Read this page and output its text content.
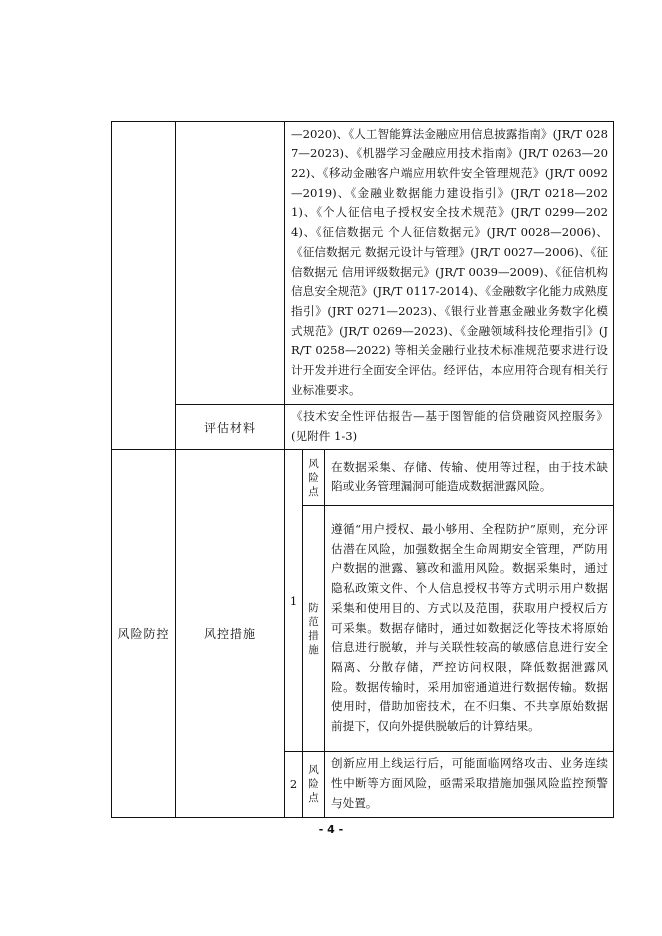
		—2020)、《人工智能算法金融应用信息披露指南》(JR/T 0287—2023)、《机器学习金融应用技术指南》(JR/T 0263—2022)、《移动金融客户端应用软件安全管理规范》(JR/T 0092—2019)、《金融业数据能力建设指引》(JR/T 0218—2021)、《个人征信电子授权安全技术规范》(JR/T 0299—2024)、《征信数据元 个人征信数据元》(JR/T 0028—2006)、《征信数据元 数据元设计与管理》(JR/T 0027—2006)、《征信数据元 信用评级数据元》(JR/T 0039—2009)、《征信机构信息安全规范》(JR/T 0117-2014)、《金融数字化能力成熟度指引》(JRT 0271—2023)、《银行业普惠金融业务数字化模式规范》(JR/T 0269—2023)、《金融领域科技伦理指引》(JR/T 0258—2022) 等相关金融行业技术标准规范要求进行设计开发并进行全面安全评估。经评估，本应用符合现有相关行业标准要求。		

	评估材料	《技术安全性评估报告—基于图智能的信贷融资风控服务》(见附件 1-3)		

风险防控	风控措施	1	风险点	在数据采集、存储、传输、使用等过程，由于技术缺陷或业务管理漏洞可能造成数据泄露风险。

			防范措施	遵循“用户授权、最小够用、全程防护”原则，充分评估潜在风险，加强数据全生命周期安全管理，严防用户数据的泄露、篡改和滥用风险。数据采集时，通过隐私政策文件、个人信息授权书等方式明示用户数据采集和使用目的、方式以及范围，获取用户授权后方可采集。数据存储时，通过如数据泛化等技术将原始信息进行脱敏，并与关联性较高的敏感信息进行安全隔离、分散存储，严控访问权限，降低数据泄露风险。数据传输时，采用加密通道进行数据传输。数据使用时，借助加密技术，在不归集、不共享原始数据前提下，仅向外提供脱敏后的计算结果。

		2	风险点	创新应用上线运行后，可能面临网络攻击、业务连续性中断等方面风险，亟需采取措施加强风险监控预警与处置。
- 4 -
